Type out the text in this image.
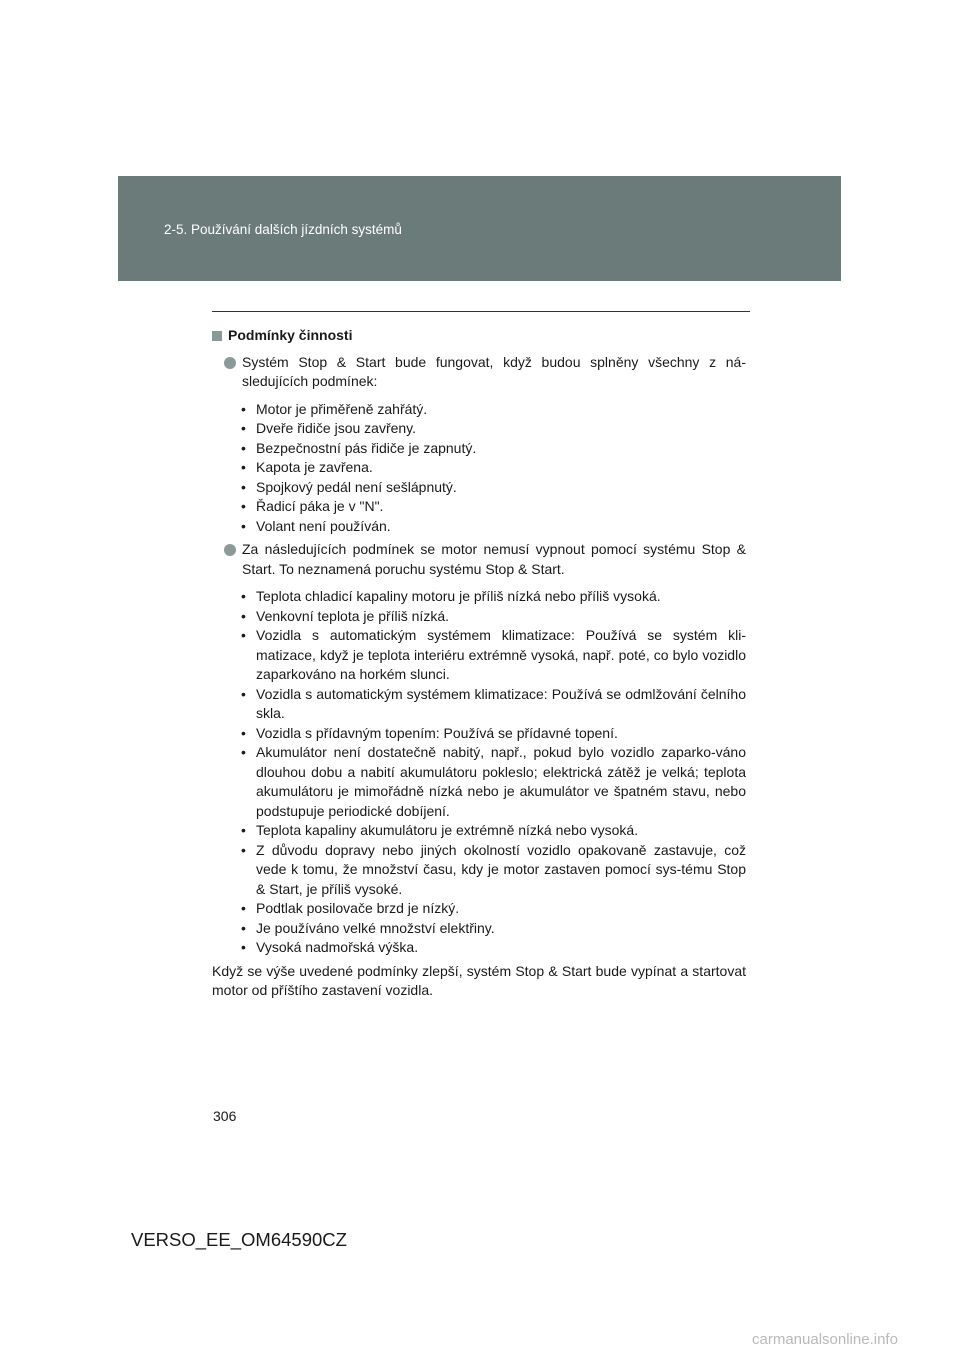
2-5. Používání dalších jízdních systémů
Podmínky činnosti
Systém Stop & Start bude fungovat, když budou splněny všechny z ná-sledujících podmínek:
• Motor je přiměřeně zahřátý.
• Dveře řidiče jsou zavřeny.
• Bezpečnostní pás řidiče je zapnutý.
• Kapota je zavřena.
• Spojkový pedál není sešlápnutý.
• Řadicí páka je v "N".
• Volant není používán.
Za následujících podmínek se motor nemusí vypnout pomocí systému Stop & Start. To neznamená poruchu systému Stop & Start.
• Teplota chladicí kapaliny motoru je příliš nízká nebo příliš vysoká.
• Venkovní teplota je příliš nízká.
• Vozidla s automatickým systémem klimatizace: Používá se systém kli-matizace, když je teplota interiéru extrémně vysoká, např. poté, co bylo vozidlo zaparkováno na horkém slunci.
• Vozidla s automatickým systémem klimatizace: Používá se odmlžování čelního skla.
• Vozidla s přídavným topením: Používá se přídavné topení.
• Akumulátor není dostatečně nabitý, např., pokud bylo vozidlo zaparko-váno dlouhou dobu a nabití akumulátoru pokleslo; elektrická zátěž je velká; teplota akumulátoru je mimořádně nízká nebo je akumulátor ve špatném stavu, nebo podstupuje periodické dobíjení.
• Teplota kapaliny akumulátoru je extrémně nízká nebo vysoká.
• Z důvodu dopravy nebo jiných okolností vozidlo opakovaně zastavuje, což vede k tomu, že množství času, kdy je motor zastaven pomocí sys-tému Stop & Start, je příliš vysoké.
• Podtlak posilovače brzd je nízký.
• Je používáno velké množství elektřiny.
• Vysoká nadmořská výška.
Když se výše uvedené podmínky zlepší, systém Stop & Start bude vypínat a startovat motor od příštího zastavení vozidla.
306
VERSO_EE_OM64590CZ
carmanualsonline.info
